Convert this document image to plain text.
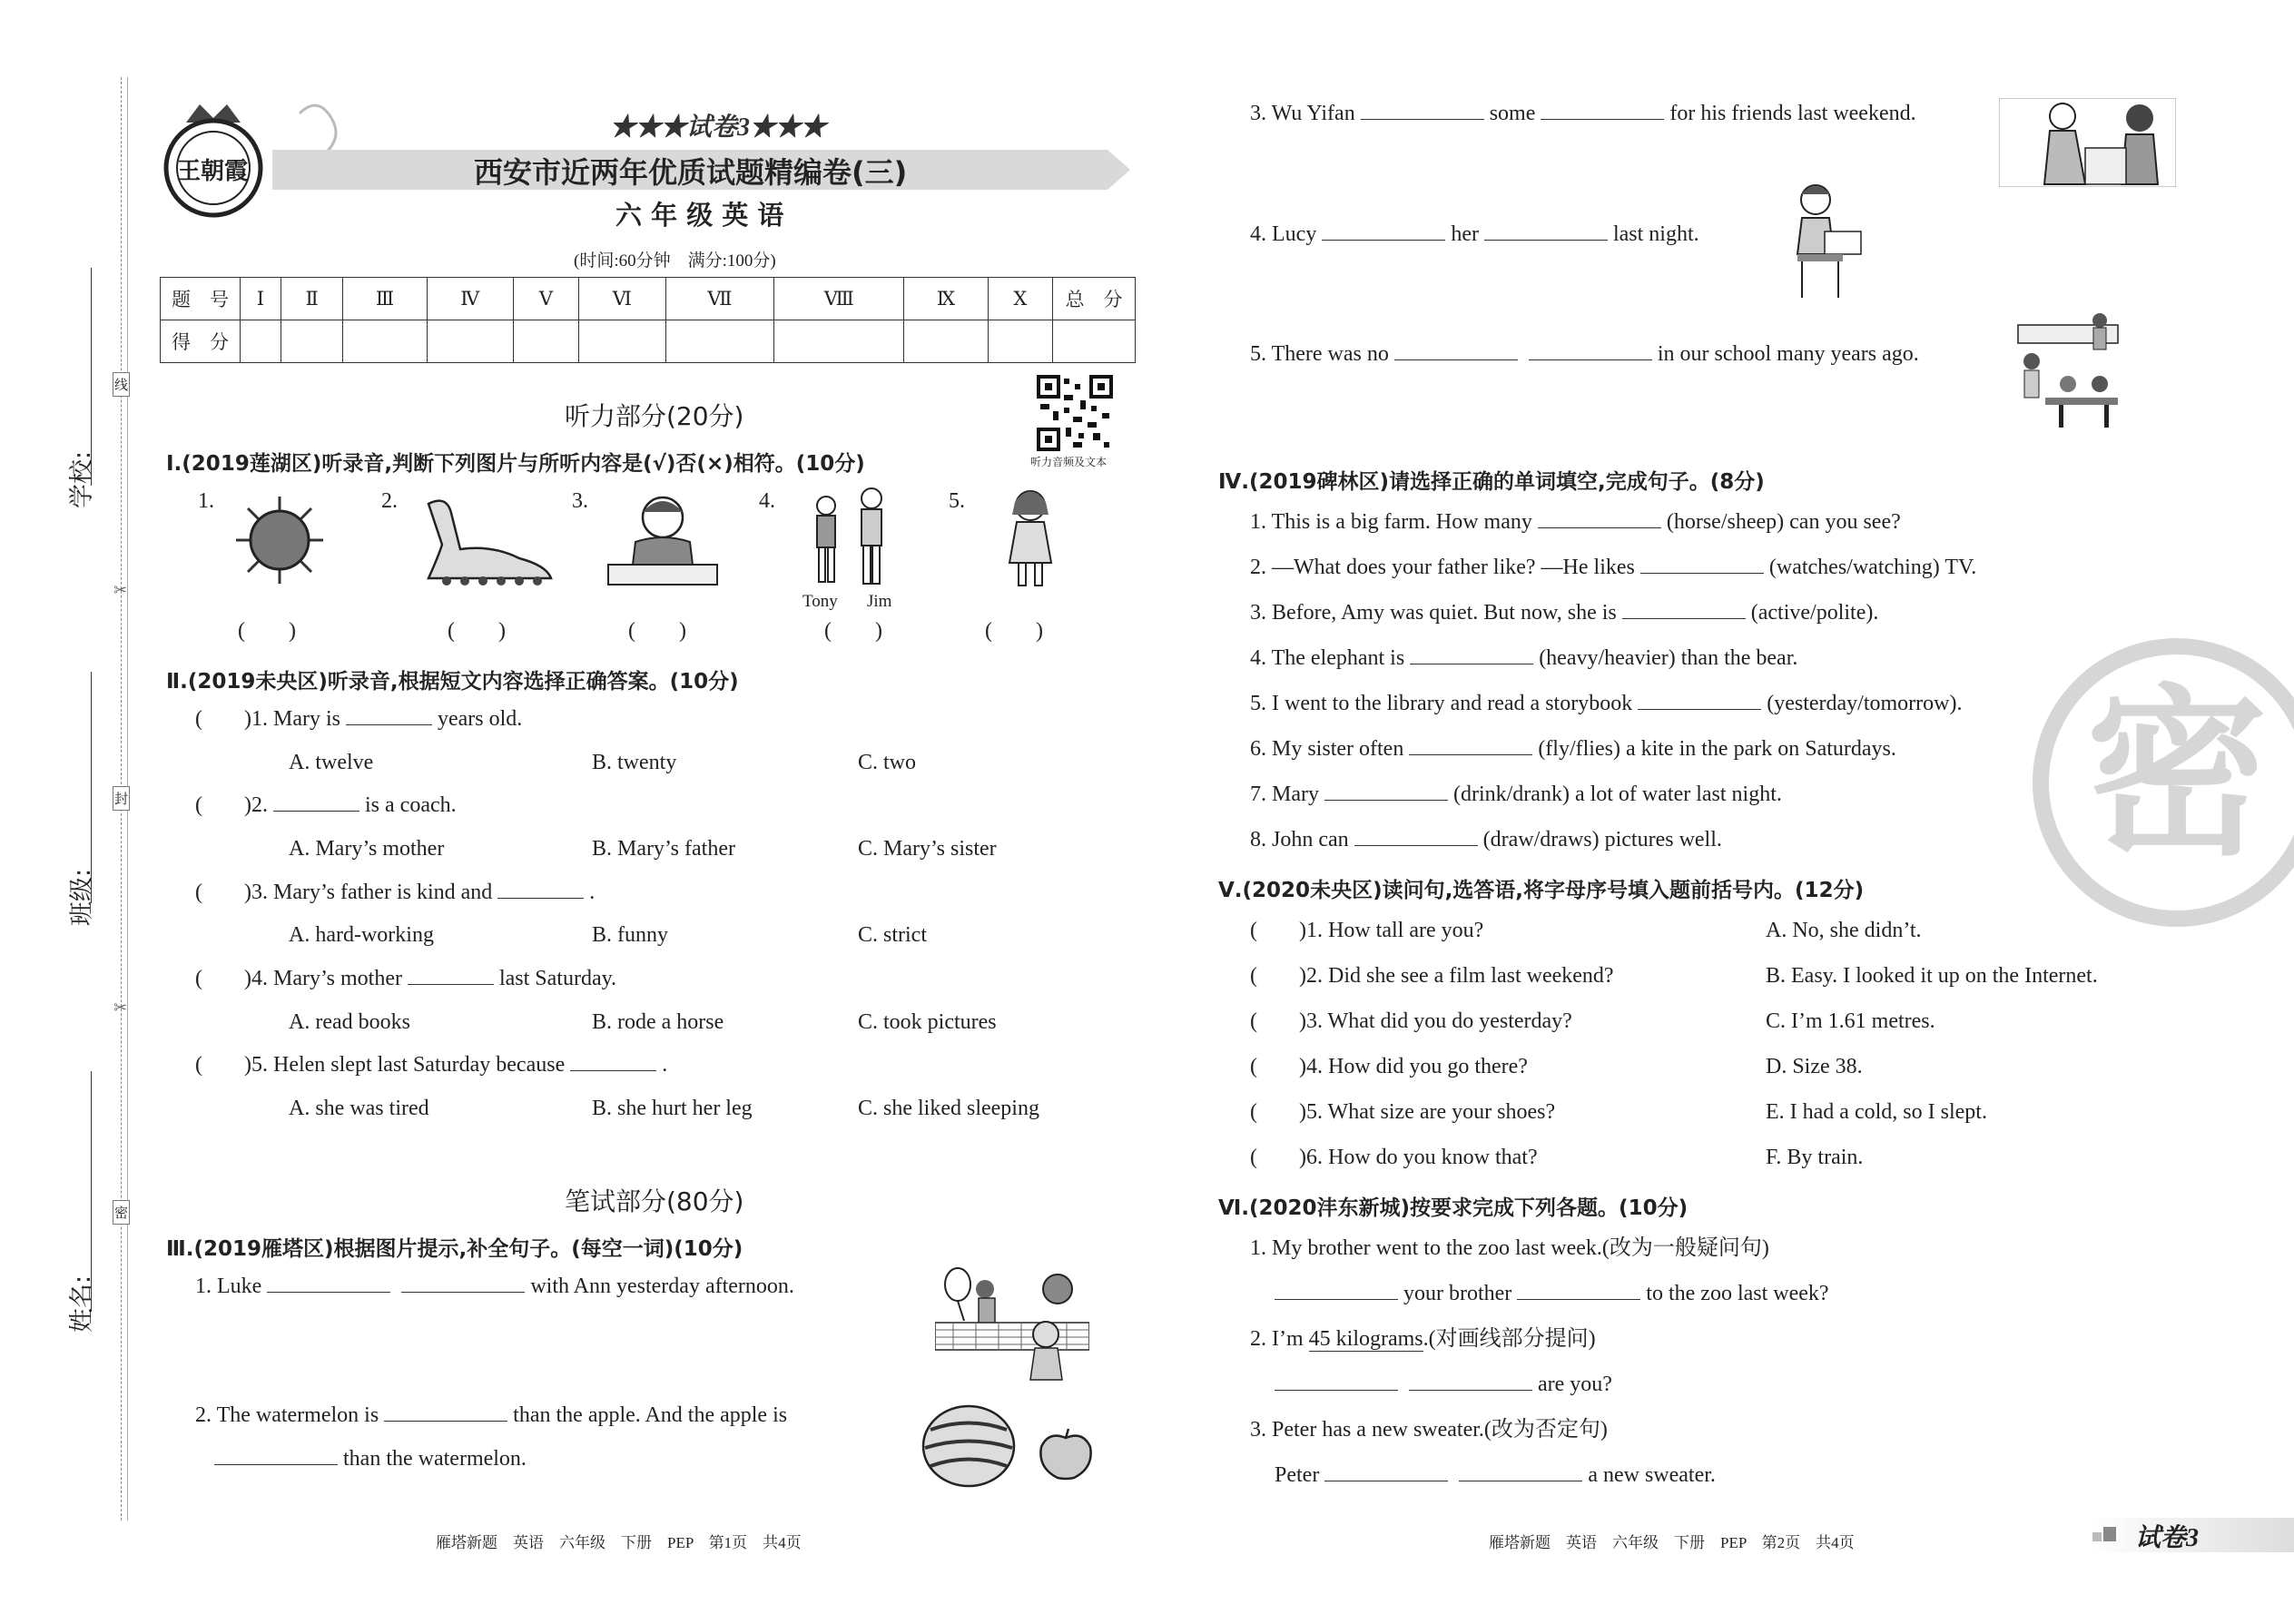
学校:
班级:
姓名:
线
封
密
✂
✂
王朝霞
★★★试卷3★★★
西安市近两年优质试题精编卷(三)
六 年 级 英 语
(时间:60分钟　满分:100分)
题　号	Ⅰ	Ⅱ	Ⅲ	Ⅳ	Ⅴ	Ⅵ	Ⅶ	Ⅷ	Ⅸ	Ⅹ	总　分
得　分											
听力部分(20分)
听力音频及文本
Ⅰ.(2019莲湖区)听录音,判断下列图片与所听内容是(√)否(×)相符。(10分)
1.	2.	3.	4.	5.
Tony Jim
(　　)	(　　)	(　　)	(　　)	(　　)
Ⅱ.(2019未央区)听录音,根据短文内容选择正确答案。(10分)
( )1. Mary is	years old.
A. twelve	B. twenty	C. two
( )2.	is a coach.
A. Mary’s mother	B. Mary’s father	C. Mary’s sister
( )3. Mary’s father is kind and	.
A. hard-working	B. funny	C. strict
( )4. Mary’s mother	last Saturday.
A. read books	B. rode a horse	C. took pictures
( )5. Helen slept last Saturday because	.
A. she was tired	B. she hurt her leg	C. she liked sleeping
笔试部分(80分)
Ⅲ.(2019雁塔区)根据图片提示,补全句子。(每空一词)(10分)
1. Luke	with Ann yesterday afternoon.
2. The watermelon is	than the apple. And the apple is
than the watermelon.
3. Wu Yifan	some	for his friends last weekend.
4. Lucy	her	last night.
5. There was no	in our school many years ago.
Ⅳ.(2019碑林区)请选择正确的单词填空,完成句子。(8分)
1. This is a big farm. How many	(horse/sheep) can you see?
2. —What does your father like? —He likes	(watches/watching) TV.
3. Before, Amy was quiet. But now, she is	(active/polite).
4. The elephant is	(heavy/heavier) than the bear.
5. I went to the library and read a storybook	(yesterday/tomorrow).
6. My sister often	(fly/flies) a kite in the park on Saturdays.
7. Mary	(drink/drank) a lot of water last night.
8. John can	(draw/draws) pictures well. 密
Ⅴ.(2020未央区)读问句,选答语,将字母序号填入题前括号内。(12分)
( )1. How tall are you?	A. No, she didn’t.
( )2. Did she see a film last weekend?	B. Easy. I looked it up on the Internet.
( )3. What did you do yesterday?	C. I’m 1.61 metres.
( )4. How did you go there?	D. Size 38.
( )5. What size are your shoes?	E. I had a cold, so I slept.
( )6. How do you know that?	F. By train.
Ⅵ.(2020沣东新城)按要求完成下列各题。(10分)
1. My brother went to the zoo last week.(改为一般疑问句)
your brother	to the zoo last week?
2. I’m 45 kilograms.(对画线部分提问)
are you?
3. Peter has a new sweater.(改为否定句)
Peter	a new sweater.
雁塔新题　英语　六年级　下册　PEP　第1页　共4页	雁塔新题　英语　六年级　下册　PEP　第2页　共4页	试卷3
